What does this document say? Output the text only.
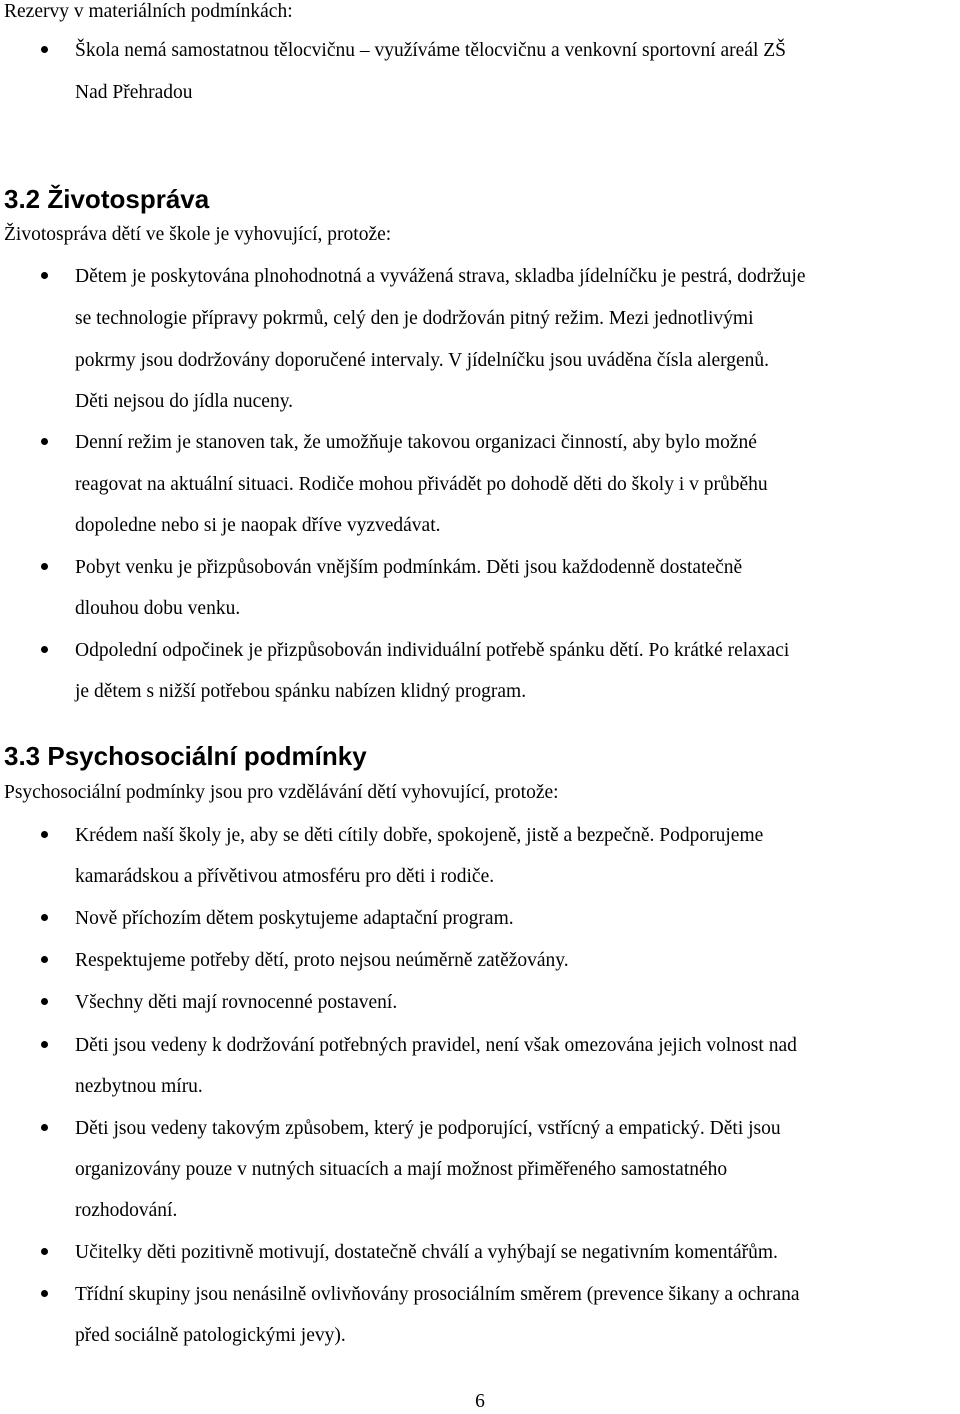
Rezervy v materiálních podmínkách:
Škola nemá samostatnou tělocvičnu – využíváme tělocvičnu a venkovní sportovní areál ZŠ
Nad Přehradou
3.2 Životospráva
Životospráva dětí ve škole je vyhovující, protože:
Dětem je poskytována plnohodnotná a vyvážená strava, skladba jídelníčku je pestrá, dodržuje
se technologie přípravy pokrmů, celý den je dodržován pitný režim. Mezi jednotlivými
pokrmy jsou dodržovány doporučené intervaly. V jídelníčku jsou uváděna čísla alergenů.
Děti nejsou do jídla nuceny.
Denní režim je stanoven tak, že umožňuje takovou organizaci činností, aby bylo možné
reagovat na aktuální situaci. Rodiče mohou přivádět po dohodě děti do školy i v průběhu
dopoledne nebo si je naopak dříve vyzvedávat.
Pobyt venku je přizpůsobován vnějším podmínkám. Děti jsou každodenně dostatečně
dlouhou dobu venku.
Odpolední odpočinek je přizpůsobován individuální potřebě spánku dětí. Po krátké relaxaci
je dětem s nižší potřebou spánku nabízen klidný program.
3.3 Psychosociální podmínky
Psychosociální podmínky jsou pro vzdělávání dětí vyhovující, protože:
Krédem naší školy je, aby se děti cítily dobře, spokojeně, jistě a bezpečně. Podporujeme
kamarádskou a přívětivou atmosféru pro děti i rodiče.
Nově příchozím dětem poskytujeme adaptační program.
Respektujeme potřeby dětí, proto nejsou neúměrně zatěžovány.
Všechny děti mají rovnocenné postavení.
Děti jsou vedeny k dodržování potřebných pravidel, není však omezována jejich volnost nad
nezbytnou míru.
Děti jsou vedeny takovým způsobem, který je podporující, vstřícný a empatický. Děti jsou
organizovány pouze v nutných situacích a mají možnost přiměřeného samostatného
rozhodování.
Učitelky děti pozitivně motivují, dostatečně chválí a vyhýbají se negativním komentářům.
Třídní skupiny jsou nenásilně ovlivňovány prosociálním směrem (prevence šikany a ochrana
před sociálně patologickými jevy).
6
